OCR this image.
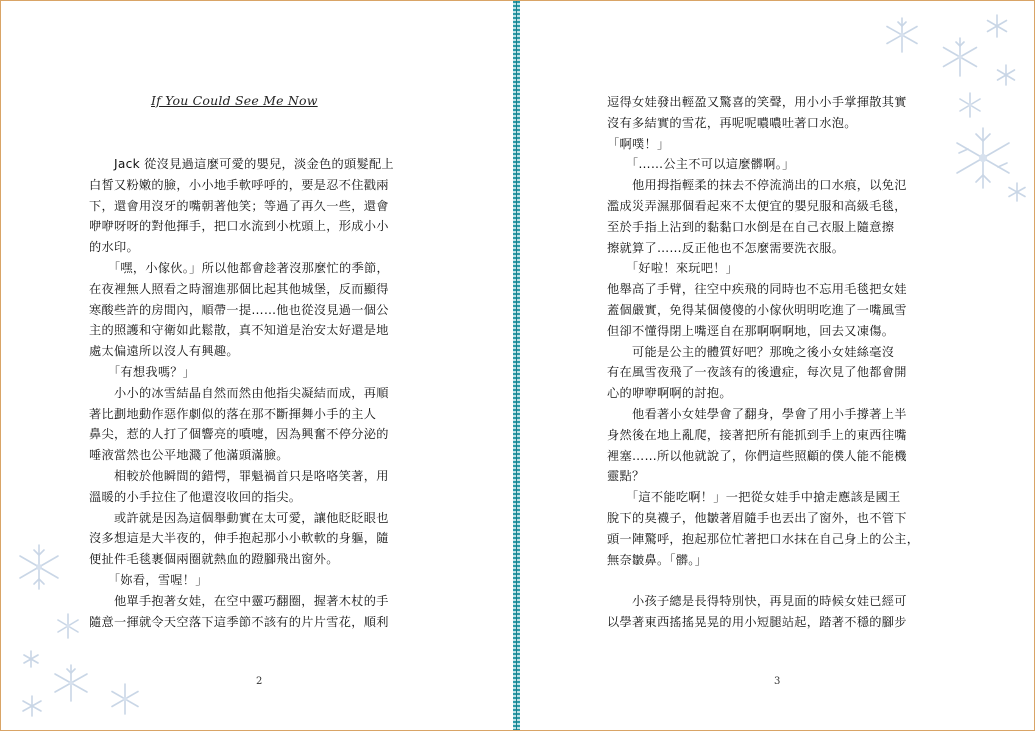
If You Could See Me Now
　　Jack 從沒見過這麼可愛的嬰兒，淡金色的頭髮配上
白皙又粉嫩的臉，小小地手軟呼呼的，要是忍不住戳兩
下，還會用沒牙的嘴朝著他笑；等過了再久一些，還會
咿咿呀呀的對他揮手，把口水流到小枕頭上，形成小小
的水印。
　　「嘿，小傢伙。」所以他都會趁著沒那麼忙的季節，
在夜裡無人照看之時溜進那個比起其他城堡，反而顯得
寒酸些許的房間內，順帶一提……他也從沒見過一個公
主的照護和守衛如此鬆散，真不知道是治安太好還是地
處太偏遠所以沒人有興趣。
　　「有想我嗎？」
　　小小的冰雪結晶自然而然由他指尖凝結而成，再順
著比劃地動作惡作劇似的落在那不斷揮舞小手的主人
鼻尖，惹的人打了個響亮的噴嚏，因為興奮不停分泌的
唾液當然也公平地濺了他滿頭滿臉。
　　相較於他瞬間的錯愕，罪魁禍首只是咯咯笑著，用
溫暖的小手拉住了他還沒收回的指尖。
　　或許就是因為這個舉動實在太可愛，讓他眨眨眼也
沒多想這是大半夜的，伸手抱起那小小軟軟的身軀，隨
便扯件毛毯裹個兩圈就熱血的蹬腳飛出窗外。
　　「妳看，雪喔！」
　　他單手抱著女娃，在空中靈巧翻圈，握著木杖的手
隨意一揮就令天空落下這季節不該有的片片雪花，順利
2
逗得女娃發出輕盈又驚喜的笑聲，用小小手掌揮散其實
沒有多結實的雪花，再呢呢噥噥吐著口水泡。
「啊噗！」
　　「……公主不可以這麼髒啊。」
　　他用拇指輕柔的抹去不停流淌出的口水痕，以免氾
濫成災弄濕那個看起來不太便宜的嬰兒服和高級毛毯，
至於手指上沾到的黏黏口水倒是在自己衣服上隨意擦
擦就算了……反正他也不怎麼需要洗衣服。
　　「好啦！來玩吧！」
他舉高了手臂，往空中疾飛的同時也不忘用毛毯把女娃
蓋個嚴實，免得某個傻傻的小傢伙明明吃進了一嘴風雪
但卻不懂得閉上嘴逕自在那啊啊啊地，回去又凍傷。
　　可能是公主的體質好吧？那晚之後小女娃絲毫沒
有在風雪夜飛了一夜該有的後遺症，每次見了他都會開
心的咿咿啊啊的討抱。
　　他看著小女娃學會了翻身，學會了用小手撐著上半
身然後在地上亂爬，接著把所有能抓到手上的東西往嘴
裡塞……所以他就說了，你們這些照顧的僕人能不能機
靈點？
　　「這不能吃啊！」一把從女娃手中搶走應該是國王
脫下的臭襪子，他皺著眉隨手也丟出了窗外，也不管下
頭一陣驚呼，抱起那位忙著把口水抹在自己身上的公主，
無奈皺鼻。「髒。」

　　小孩子總是長得特別快，再見面的時候女娃已經可
以學著東西搖搖晃晃的用小短腿站起，踏著不穩的腳步
3
